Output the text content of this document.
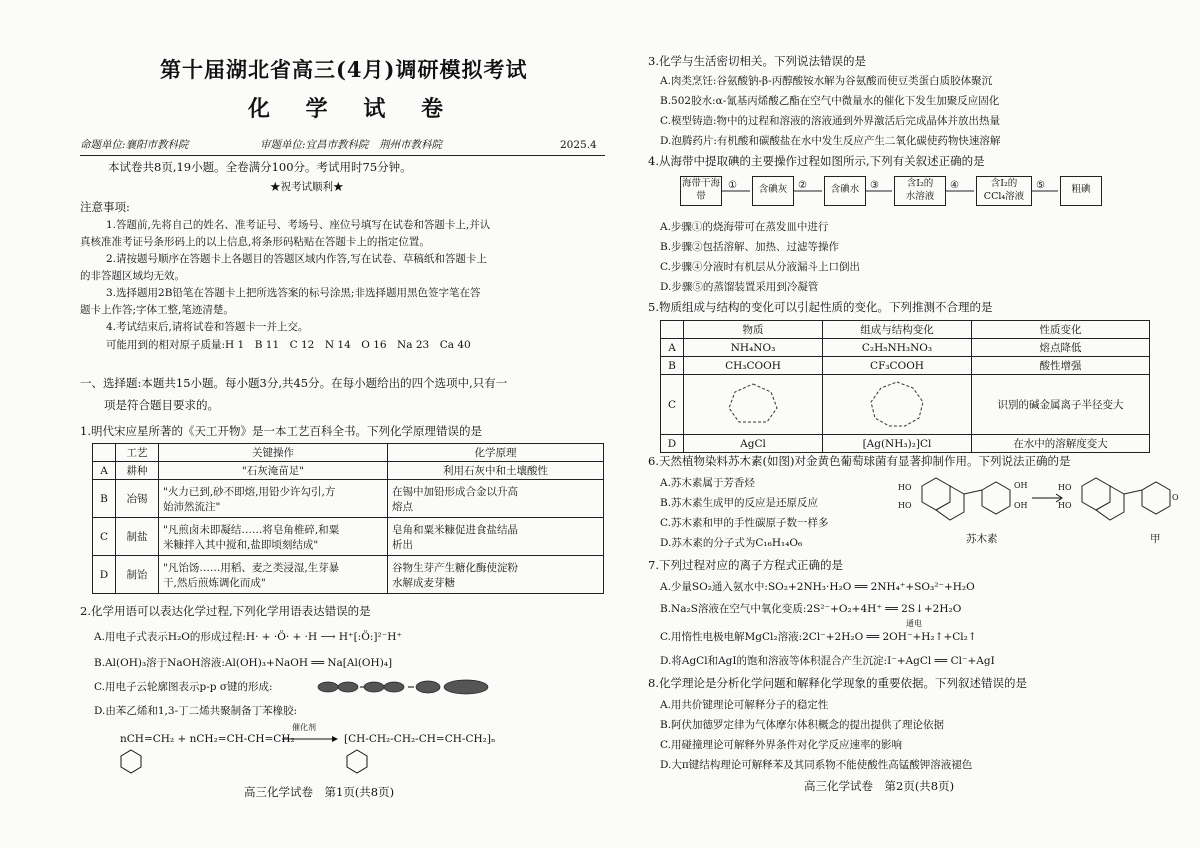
第十届湖北省高三(4月)调研模拟考试
化 学 试 卷
命题单位:襄阳市教科院	审题单位:宜昌市教科院　荆州市教科院	2025.4
本试卷共8页,19小题。全卷满分100分。考试用时75分钟。
★祝考试顺利★
注意事项:
1.答题前,先将自己的姓名、准考证号、考场号、座位号填写在试卷和答题卡上,并认
真核准准考证号条形码上的以上信息,将条形码粘贴在答题卡上的指定位置。
2.请按题号顺序在答题卡上各题目的答题区域内作答,写在试卷、草稿纸和答题卡上
的非答题区域均无效。
3.选择题用2B铅笔在答题卡上把所选答案的标号涂黑;非选择题用黑色签字笔在答
题卡上作答;字体工整,笔迹清楚。
4.考试结束后,请将试卷和答题卡一并上交。
可能用到的相对原子质量:H 1　B 11　C 12　N 14　O 16　Na 23　Ca 40
一、选择题:本题共15小题。每小题3分,共45分。在每小题给出的四个选项中,只有一
项是符合题目要求的。
1.明代宋应星所著的《天工开物》是一本工艺百科全书。下列化学原理错误的是
	工艺	关键操作	化学原理
A	耕种	"石灰淹苗足"	利用石灰中和土壤酸性
B	冶锡	"火力已到,砂不即熔,用铅少许勾引,方
始沛然流注"	在锡中加铅形成合金以升高
熔点
C	制盐	"凡煎卤未即凝结……将皂角椎碎,和粟
米糠拌入其中搅和,盐即顷刻结成"	皂角和粟米糠促进食盐结晶
析出
D	制饴	"凡饴饧……用稻、麦之类浸湿,生芽暴
干,然后煎炼调化而成"	谷物生芽产生糖化酶使淀粉
水解成麦芽糖
2.化学用语可以表达化学过程,下列化学用语表达错误的是
A.用电子式表示H₂O的形成过程:H· + ·Ö· + ·H ⟶ H⁺[:Ö:]²⁻H⁺
B.Al(OH)₃溶于NaOH溶液:Al(OH)₃+NaOH ══ Na[Al(OH)₄]
C.用电子云轮廓图表示p-p σ键的形成:
D.由苯乙烯和1,3-丁二烯共聚制备丁苯橡胶:
nCH=CH₂ + nCH₂=CH-CH=CH₂
催化剂
→ [CH-CH₂-CH₂-CH=CH-CH₂]ₙ
高三化学试卷　第1页(共8页)
3.化学与生活密切相关。下列说法错误的是
A.肉类烹饪:谷氨酸钠-β-丙醇酸铵水解为谷氨酸而使豆类蛋白质胶体聚沉
B.502胶水:α-氰基丙烯酸乙酯在空气中微量水的催化下发生加聚反应固化
C.模型铸造:物中的过程和溶液的溶液通到外界激活后完成晶体并放出热量
D.泡腾药片:有机酸和碳酸盐在水中发生反应产生二氧化碳使药物快速溶解
4.从海带中提取碘的主要操作过程如图所示,下列有关叙述正确的是
海带干海带
①	含碘灰	②	含碘水	③	含I₂的
水溶液
④	含I₂的
CCl₄溶液
⑤	粗碘
A.步骤①的烧海带可在蒸发皿中进行
B.步骤②包括溶解、加热、过滤等操作
C.步骤④分液时有机层从分液漏斗上口倒出
D.步骤⑤的蒸馏装置采用到冷凝管
5.物质组成与结构的变化可以引起性质的变化。下列推测不合理的是
	物质	组成与结构变化	性质变化
A	NH₄NO₃	C₂H₅NH₃NO₃	熔点降低
B	CH₃COOH	CF₃COOH	酸性增强
C			识别的碱金属离子半径变大
D	AgCl	[Ag(NH₃)₂]Cl	在水中的溶解度变大
6.天然植物染料苏木素(如图)对金黄色葡萄球菌有显著抑制作用。下列说法正确的是
A.苏木素属于芳香烃
B.苏木素生成甲的反应是还原反应
C.苏木素和甲的手性碳原子数一样多
D.苏木素的分子式为C₁₆H₁₄O₆
HO
HO
OH
OH
HO
HO
O
苏木素	甲
7.下列过程对应的离子方程式正确的是
A.少量SO₂通入氨水中:SO₂+2NH₃·H₂O ══ 2NH₄⁺+SO₃²⁻+H₂O
B.Na₂S溶液在空气中氧化变质:2S²⁻+O₂+4H⁺ ══ 2S↓+2H₂O
通电
C.用惰性电极电解MgCl₂溶液:2Cl⁻+2H₂O ══ 2OH⁻+H₂↑+Cl₂↑
D.将AgCl和AgI的饱和溶液等体积混合产生沉淀:I⁻+AgCl ══ Cl⁻+AgI
8.化学理论是分析化学问题和解释化学现象的重要依据。下列叙述错误的是
A.用共价键理论可解释分子的稳定性
B.阿伏加德罗定律为气体摩尔体积概念的提出提供了理论依据
C.用碰撞理论可解释外界条件对化学反应速率的影响
D.大π键结构理论可解释苯及其同系物不能使酸性高锰酸钾溶液褪色
高三化学试卷　第2页(共8页)
